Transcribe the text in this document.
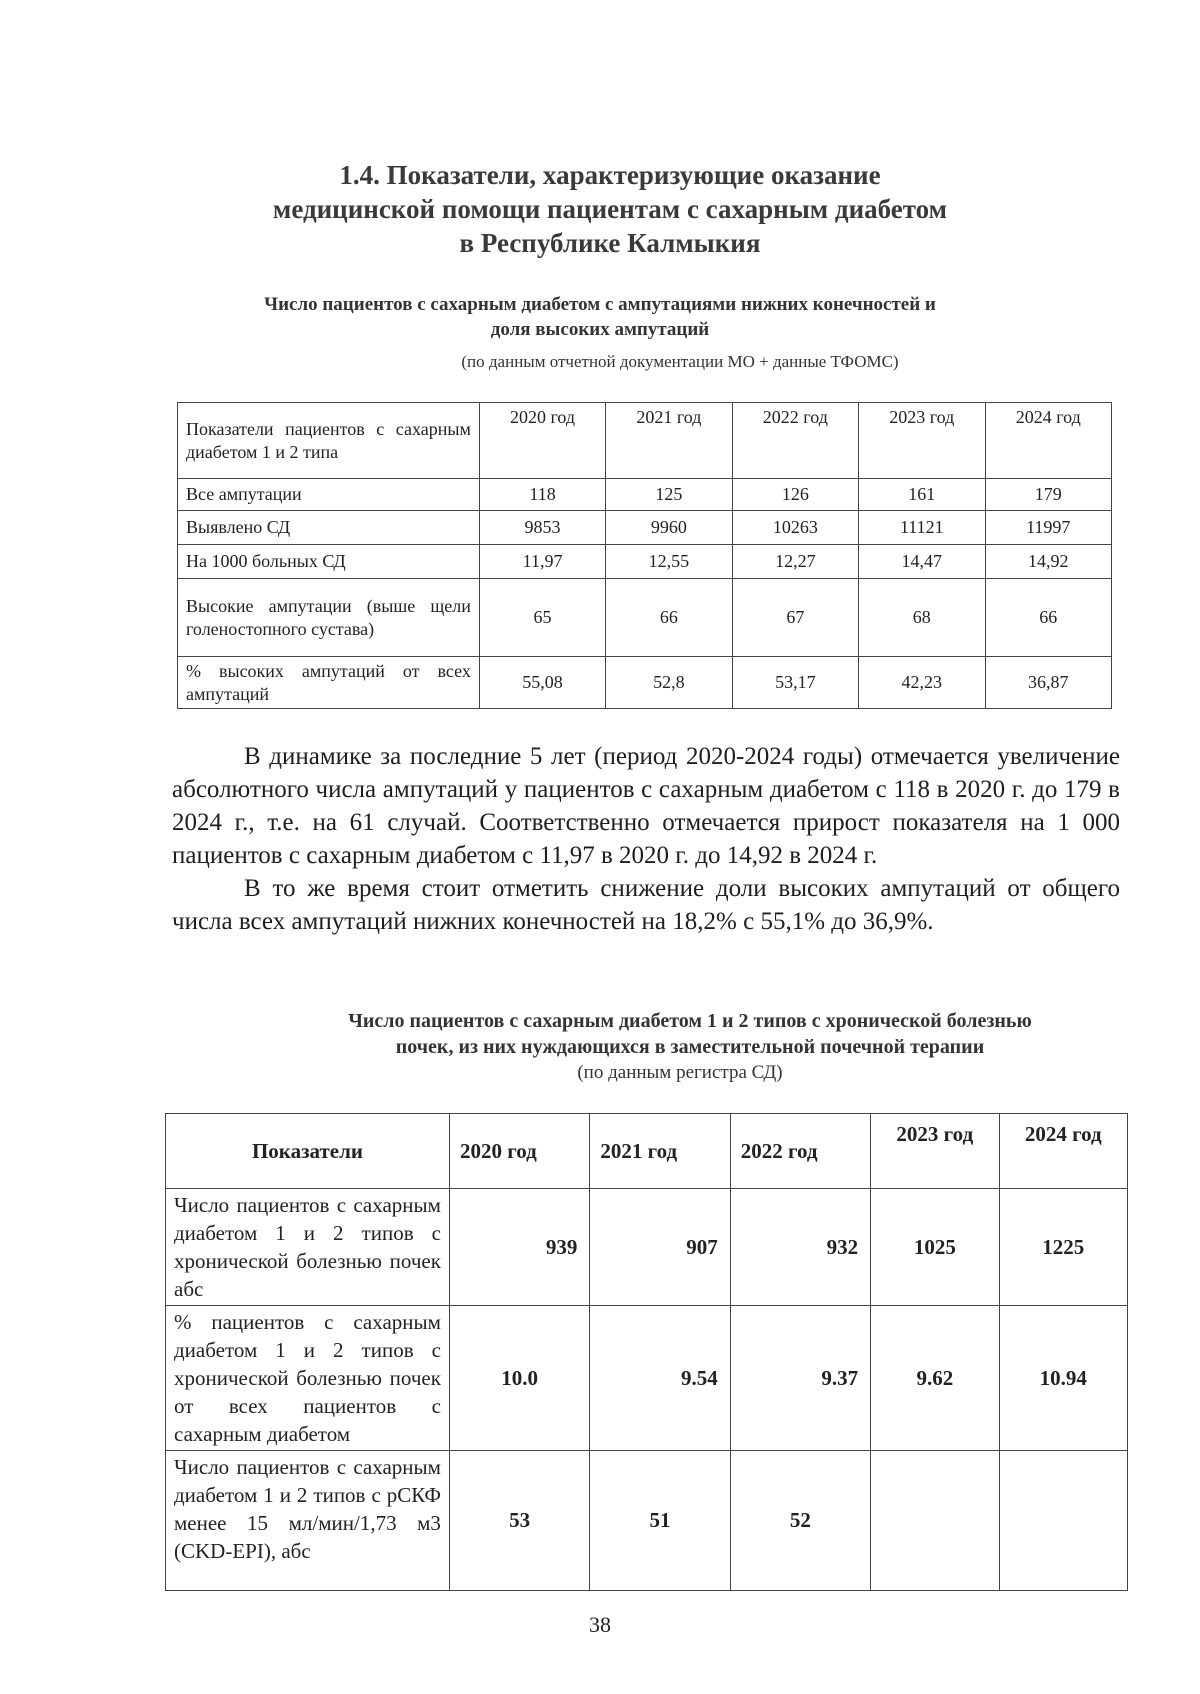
1.4. Показатели, характеризующие оказание
медицинской помощи пациентам с сахарным диабетом
в Республике Калмыкия
Число пациентов с сахарным диабетом с ампутациями нижних конечностей и
доля высоких ампутаций
(по данным отчетной документации МО + данные ТФОМС)
Показатели пациентов с сахарным диабетом 1 и 2 типа	2020 год	2021 год	2022 год	2023 год	2024 год
Все ампутации	118	125	126	161	179
Выявлено СД	9853	9960	10263	11121	11997
На 1000 больных СД	11,97	12,55	12,27	14,47	14,92
Высокие ампутации (выше щели голеностопного сустава)	65	66	67	68	66
% высоких ампутаций от всех ампутаций	55,08	52,8	53,17	42,23	36,87

В динамике за последние 5 лет (период 2020-2024 годы) отмечается увеличение абсолютного числа ампутаций у пациентов с сахарным диабетом с 118 в 2020 г. до 179 в 2024 г., т.е. на 61 случай. Соответственно отмечается прирост показателя на 1 000 пациентов с сахарным диабетом с 11,97 в 2020 г. до 14,92 в 2024 г.

В то же время стоит отметить снижение доли высоких ампутаций от общего числа всех ампутаций нижних конечностей на 18,2% с 55,1% до 36,9%.

Число пациентов с сахарным диабетом 1 и 2 типов с хронической болезнью
почек, из них нуждающихся в заместительной почечной терапии
(по данным регистра СД)
Показатели	2020 год	2021 год	2022 год	2023 год	2024 год
Число пациентов с сахарным диабетом 1 и 2 типов с хронической болезнью почек абс	939	907	932	1025	1225
% пациентов с сахарным диабетом 1 и 2 типов с хронической болезнью почек от всех пациентов с сахарным диабетом	10.0	9.54	9.37	9.62	10.94
Число пациентов с сахарным диабетом 1 и 2 типов с рСКФ менее 15 мл/мин/1,73 м3 (CKD-EPI), абс	53	51	52		
38
